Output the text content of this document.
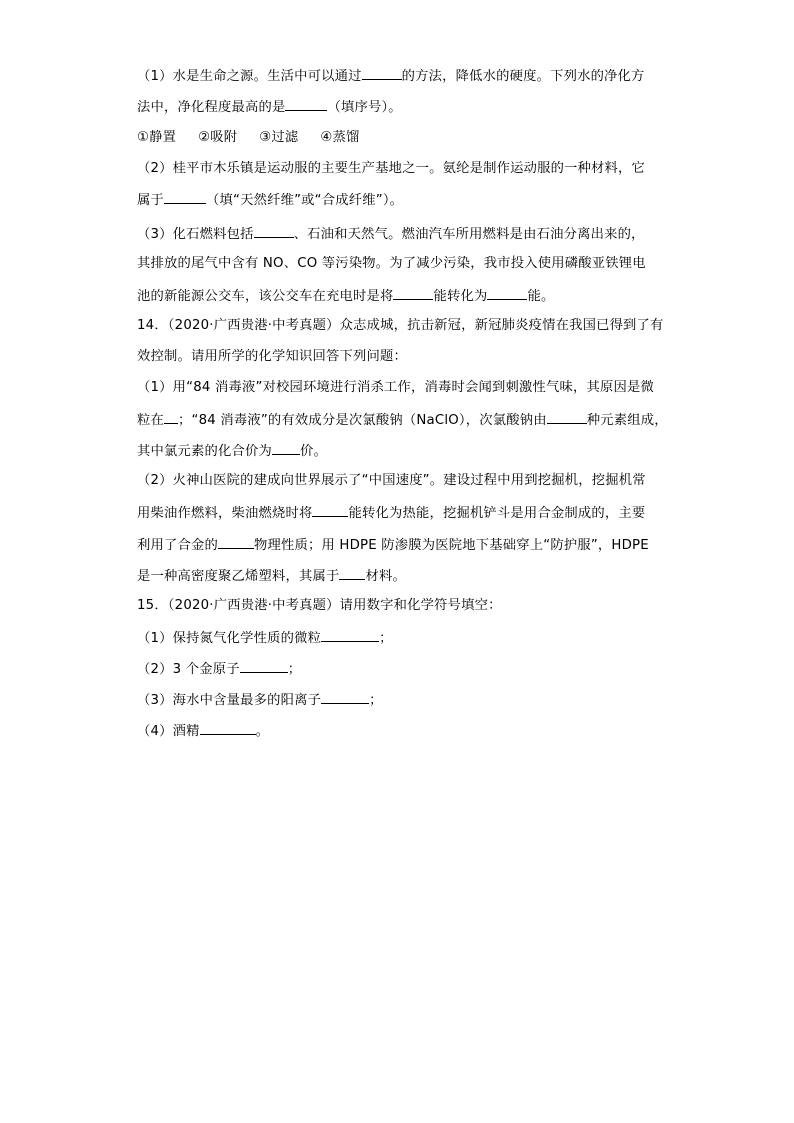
（1）水是生命之源。生活中可以通过	的方法，降低水的硬度。下列水的净化方
法中，净化程度最高的是	（填序号）。
①静置 ②吸附 ③过滤 ④蒸馏
（2）桂平市木乐镇是运动服的主要生产基地之一。氨纶是制作运动服的一种材料，它
属于	（填“天然纤维”或“合成纤维”）。
（3）化石燃料包括	、石油和天然气。燃油汽车所用燃料是由石油分离出来的，
其排放的尾气中含有 NO、CO 等污染物。为了减少污染，我市投入使用磷酸亚铁锂电
池的新能源公交车，该公交车在充电时是将	能转化为	能。
14．（2020·广西贵港·中考真题）众志成城，抗击新冠，新冠肺炎疫情在我国已得到了有
效控制。请用所学的化学知识回答下列问题：
（1）用“84 消毒液”对校园环境进行消杀工作，消毒时会闻到刺激性气味，其原因是微
粒在 ；“84 消毒液”的有效成分是次氯酸钠（NaClO），次氯酸钠由	种元素组成，
其中氯元素的化合价为 价。
（2）火神山医院的建成向世界展示了“中国速度”。建设过程中用到挖掘机，挖掘机常
用柴油作燃料，柴油燃烧时将	能转化为热能，挖掘机铲斗是用合金制成的，主要
利用了合金的	物理性质；用 HDPE 防渗膜为医院地下基础穿上“防护服”，HDPE
是一种高密度聚乙烯塑料，其属于 材料。
15．（2020·广西贵港·中考真题）请用数字和化学符号填空：
（1）保持氮气化学性质的微粒	；
（2）3 个金原子	；
（3）海水中含量最多的阳离子	；
（4）酒精	。
